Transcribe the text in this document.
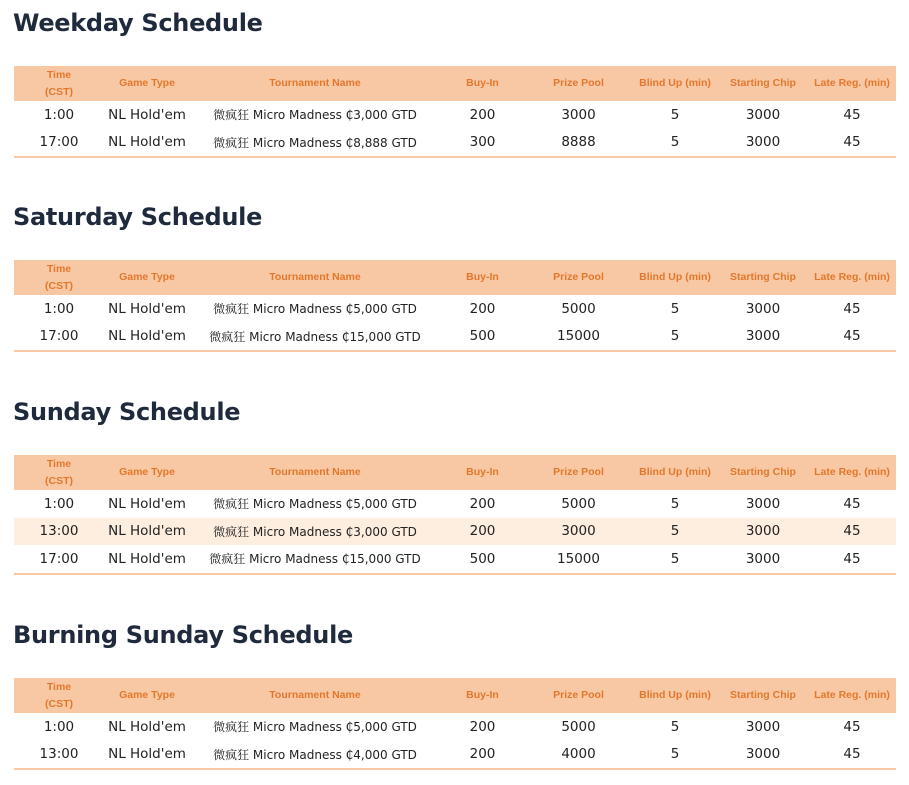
Weekday Schedule
Time
(CST)	Game Type	Tournament Name	Buy-In	Prize Pool	Blind Up (min)	Starting Chip	Late Reg. (min)
1:00	NL Hold'em	微疯狂 Micro Madness ₵3,000 GTD	200	3000	5	3000	45
17:00	NL Hold'em	微疯狂 Micro Madness ₵8,888 GTD	300	8888	5	3000	45
Saturday Schedule
Time
(CST)	Game Type	Tournament Name	Buy-In	Prize Pool	Blind Up (min)	Starting Chip	Late Reg. (min)
1:00	NL Hold'em	微疯狂 Micro Madness ₵5,000 GTD	200	5000	5	3000	45
17:00	NL Hold'em	微疯狂 Micro Madness ₵15,000 GTD	500	15000	5	3000	45
Sunday Schedule
Time
(CST)	Game Type	Tournament Name	Buy-In	Prize Pool	Blind Up (min)	Starting Chip	Late Reg. (min)
1:00	NL Hold'em	微疯狂 Micro Madness ₵5,000 GTD	200	5000	5	3000	45
13:00	NL Hold'em	微疯狂 Micro Madness ₵3,000 GTD	200	3000	5	3000	45
17:00	NL Hold'em	微疯狂 Micro Madness ₵15,000 GTD	500	15000	5	3000	45
Burning Sunday Schedule
Time
(CST)	Game Type	Tournament Name	Buy-In	Prize Pool	Blind Up (min)	Starting Chip	Late Reg. (min)
1:00	NL Hold'em	微疯狂 Micro Madness ₵5,000 GTD	200	5000	5	3000	45
13:00	NL Hold'em	微疯狂 Micro Madness ₵4,000 GTD	200	4000	5	3000	45
